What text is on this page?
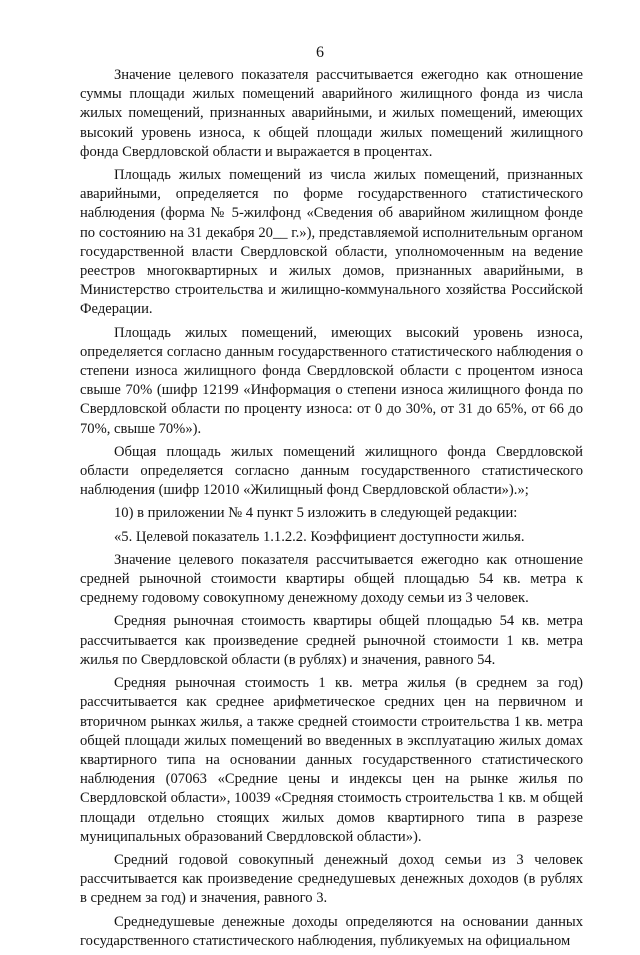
6

Значение целевого показателя рассчитывается ежегодно как отношение суммы площади жилых помещений аварийного жилищного фонда из числа жилых помещений, признанных аварийными, и жилых помещений, имеющих высокий уровень износа, к общей площади жилых помещений жилищного фонда Свердловской области и выражается в процентах.

Площадь жилых помещений из числа жилых помещений, признанных аварийными, определяется по форме государственного статистического наблюдения (форма № 5-жилфонд «Сведения об аварийном жилищном фонде по состоянию на 31 декабря 20__ г.»), представляемой исполнительным органом государственной власти Свердловской области, уполномоченным на ведение реестров многоквартирных и жилых домов, признанных аварийными, в Министерство строительства и жилищно-коммунального хозяйства Российской Федерации.

Площадь жилых помещений, имеющих высокий уровень износа, определяется согласно данным государственного статистического наблюдения о степени износа жилищного фонда Свердловской области с процентом износа свыше 70% (шифр 12199 «Информация о степени износа жилищного фонда по Свердловской области по проценту износа: от 0 до 30%, от 31 до 65%, от 66 до 70%, свыше 70%»).

Общая площадь жилых помещений жилищного фонда Свердловской области определяется согласно данным государственного статистического наблюдения (шифр 12010 «Жилищный фонд Свердловской области»).»;

10) в приложении № 4 пункт 5 изложить в следующей редакции:

«5. Целевой показатель 1.1.2.2. Коэффициент доступности жилья.

Значение целевого показателя рассчитывается ежегодно как отношение средней рыночной стоимости квартиры общей площадью 54 кв. метра к среднему годовому совокупному денежному доходу семьи из 3 человек.

Средняя рыночная стоимость квартиры общей площадью 54 кв. метра рассчитывается как произведение средней рыночной стоимости 1 кв. метра жилья по Свердловской области (в рублях) и значения, равного 54.

Средняя рыночная стоимость 1 кв. метра жилья (в среднем за год) рассчитывается как среднее арифметическое средних цен на первичном и вторичном рынках жилья, а также средней стоимости строительства 1 кв. метра общей площади жилых помещений во введенных в эксплуатацию жилых домах квартирного типа на основании данных государственного статистического наблюдения (07063 «Средние цены и индексы цен на рынке жилья по Свердловской области», 10039 «Средняя стоимость строительства 1 кв. м общей площади отдельно стоящих жилых домов квартирного типа в разрезе муниципальных образований Свердловской области»).

Средний годовой совокупный денежный доход семьи из 3 человек рассчитывается как произведение среднедушевых денежных доходов (в рублях в среднем за год) и значения, равного 3.

Среднедушевые денежные доходы определяются на основании данных государственного статистического наблюдения, публикуемых на официальном
